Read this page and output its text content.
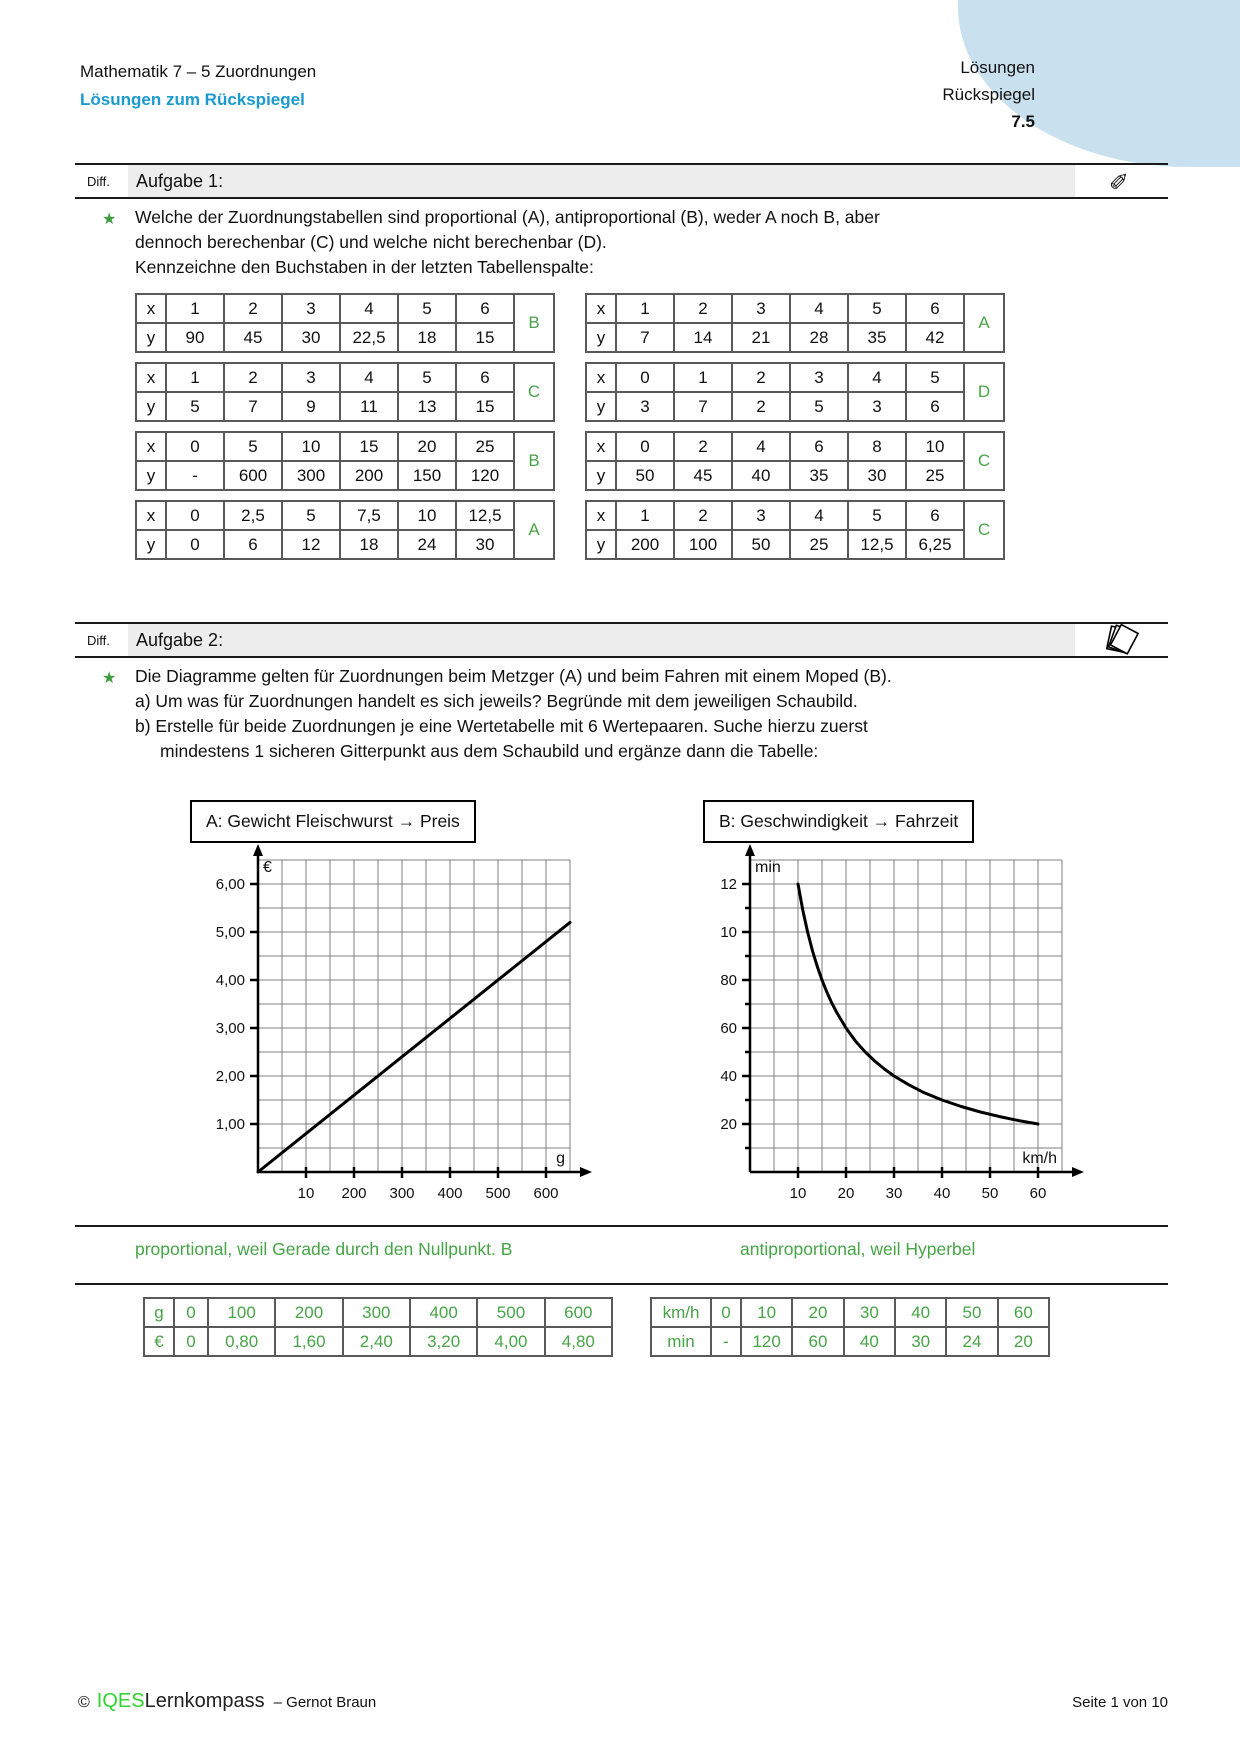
Lösungen
Rückspiegel
7.5
Mathematik 7 – 5 Zuordnungen
Lösungen zum Rückspiegel
Diff.	Aufgabe 1:	✎
★ Welche der Zuordnungstabellen sind proportional (A), antiproportional (B), weder A noch B, aber
dennoch berechenbar (C) und welche nicht berechenbar (D).
Kennzeichne den Buchstaben in der letzten Tabellenspalte:
x	1	2	3	4	5	6	B
y	90	45	30	22,5	18	15	
x	1	2	3	4	5	6	C
y	5	7	9	11	13	15	
x	0	5	10	15	20	25	B
y	-	600	300	200	150	120	
x	0	2,5	5	7,5	10	12,5	A
y	0	6	12	18	24	30	
x	1	2	3	4	5	6	A
y	7	14	21	28	35	42	
x	0	1	2	3	4	5	D
y	3	7	2	5	3	6	
x	0	2	4	6	8	10	C
y	50	45	40	35	30	25	
x	1	2	3	4	5	6	C
y	200	100	50	25	12,5	6,25	
Diff.	Aufgabe 2:
★ Die Diagramme gelten für Zuordnungen beim Metzger (A) und beim Fahren mit einem Moped (B).
a) Um was für Zuordnungen handelt es sich jeweils? Begründe mit dem jeweiligen Schaubild.
b) Erstelle für beide Zuordnungen je eine Wertetabelle mit 6 Wertepaaren. Suche hierzu zuerst
mindestens 1 sicheren Gitterpunkt aus dem Schaubild und ergänze dann die Tabelle:
A: Gewicht Fleischwurst → Preis	B: Geschwindigkeit → Fahrzeit
10 200 300 400 500 600
1,00
2,00
3,00
4,00
5,00
6,00
€
g
10 20 30 40 50 60
20
40
60
80
10
12
min
km/h
proportional, weil Gerade durch den Nullpunkt. B	antiproportional, weil Hyperbel
g	0	100	200	300	400	500	600
€	0	0,80	1,60	2,40	3,20	4,00	4,80
km/h	0	10	20	30	40	50	60
min	-	120	60	40	30	24	20
© IQES Lernkompass – Gernot Braun	Seite 1 von 10
